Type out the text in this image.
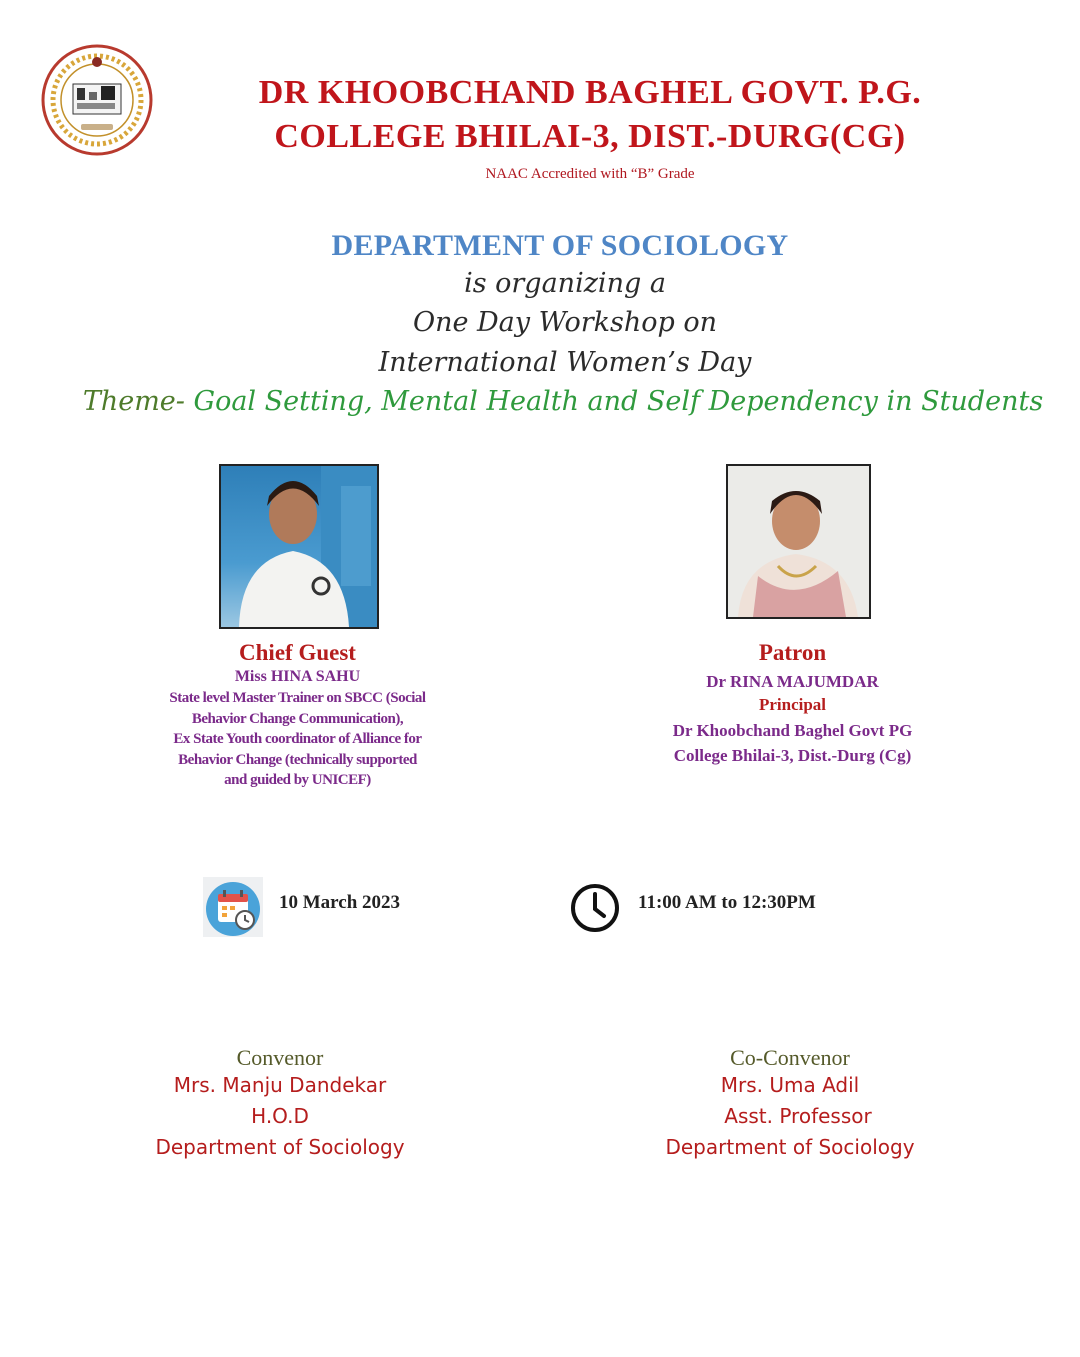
DR KHOOBCHAND BAGHEL GOVT. P.G.
COLLEGE BHILAI-3, DIST.-DURG(CG)
NAAC Accredited with “B” Grade
DEPARTMENT OF SOCIOLOGY
is organizing a
One Day Workshop on
International Women’s Day
Theme- Goal Setting, Mental Health and Self Dependency in Students
Chief Guest
Miss HINA SAHU
State level Master Trainer on SBCC (Social
Behavior Change Communication),
Ex State Youth coordinator of Alliance for
Behavior Change (technically supported
and guided by UNICEF)
Patron
Dr RINA MAJUMDAR
Principal
Dr Khoobchand Baghel Govt PG
College Bhilai-3, Dist.-Durg (Cg)
10 March 2023	11:00 AM to 12:30PM
Convenor
Mrs. Manju Dandekar
H.O.D
Department of Sociology
Co-Convenor
Mrs. Uma Adil
Asst. Professor
Department of Sociology
